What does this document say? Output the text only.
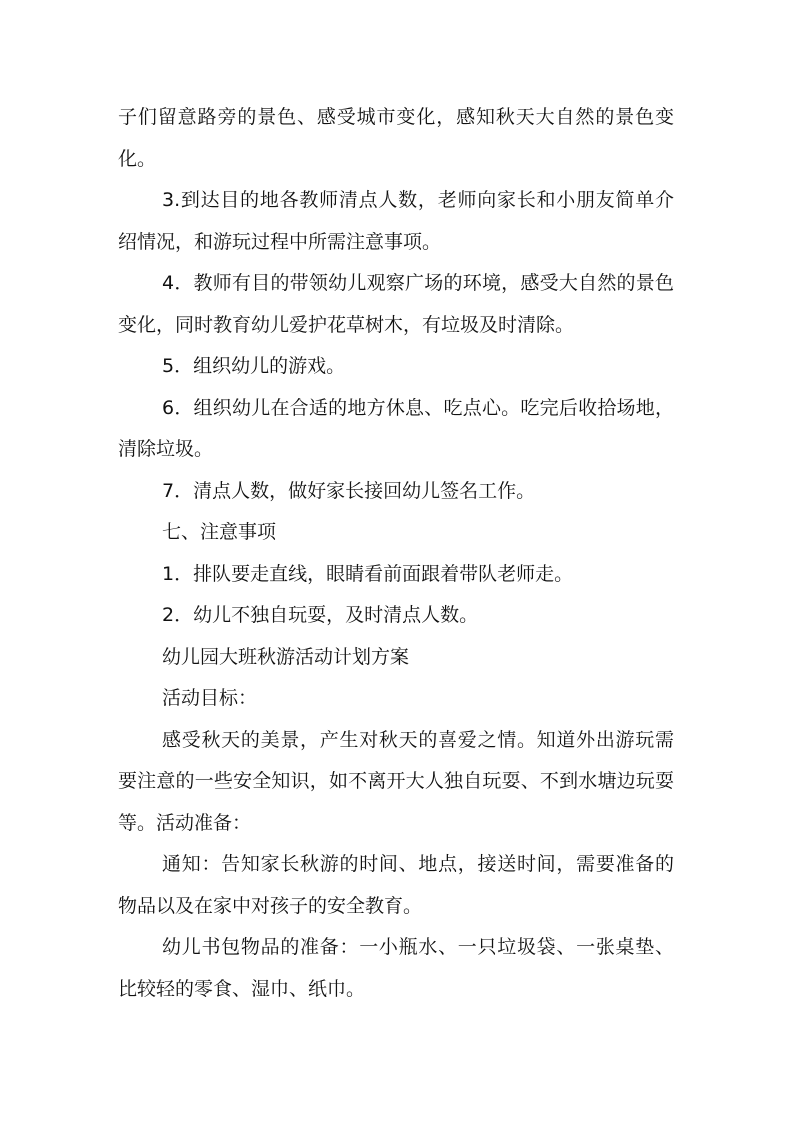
子们留意路旁的景色、感受城市变化，感知秋天大自然的景色变化。

3.到达目的地各教师清点人数，老师向家长和小朋友简单介绍情况，和游玩过程中所需注意事项。

4．教师有目的带领幼儿观察广场的环境，感受大自然的景色变化，同时教育幼儿爱护花草树木，有垃圾及时清除。

5．组织幼儿的游戏。

6．组织幼儿在合适的地方休息、吃点心。吃完后收拾场地，清除垃圾。

7．清点人数，做好家长接回幼儿签名工作。

七、注意事项

1．排队要走直线，眼睛看前面跟着带队老师走。

2．幼儿不独自玩耍，及时清点人数。

幼儿园大班秋游活动计划方案

活动目标：

感受秋天的美景，产生对秋天的喜爱之情。知道外出游玩需要注意的一些安全知识，如不离开大人独自玩耍、不到水塘边玩耍等。活动准备：

通知：告知家长秋游的时间、地点，接送时间，需要准备的物品以及在家中对孩子的安全教育。

幼儿书包物品的准备：一小瓶水、一只垃圾袋、一张桌垫、比较轻的零食、湿巾、纸巾。
